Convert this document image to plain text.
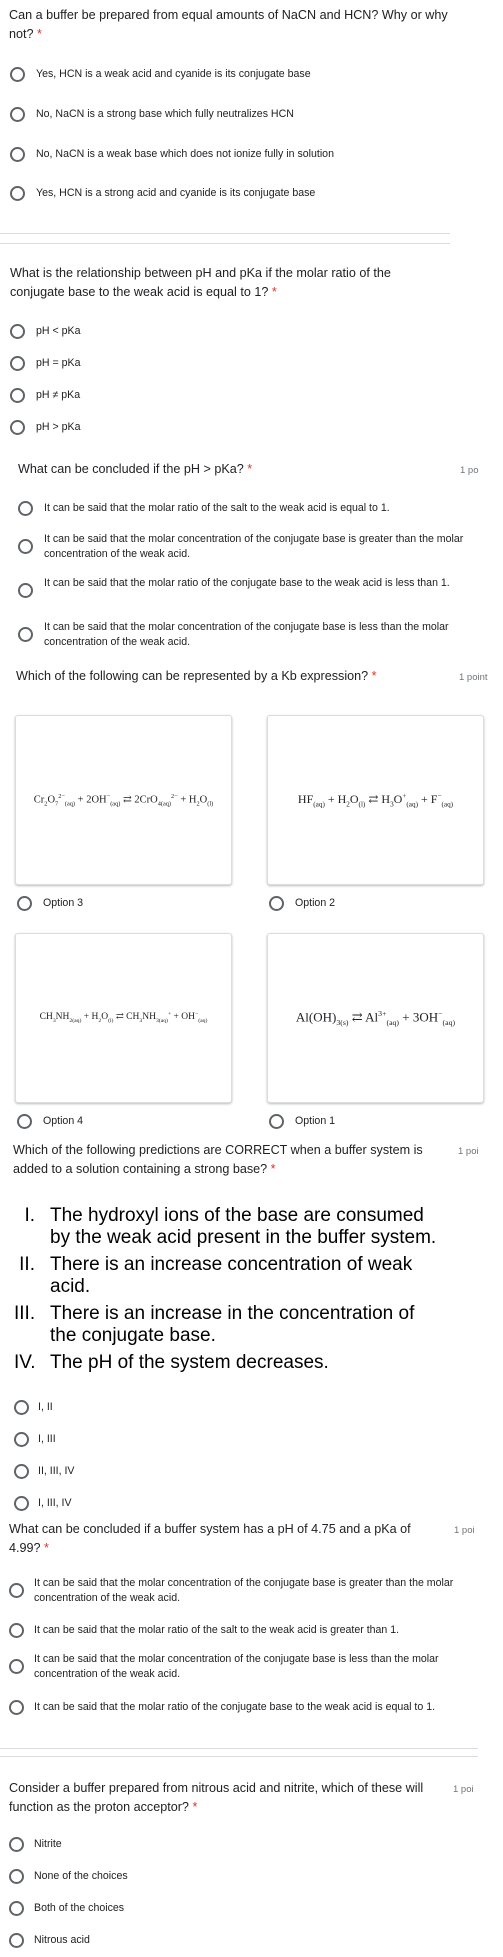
Can a buffer be prepared from equal amounts of NaCN and HCN? Why or why not? *
Yes, HCN is a weak acid and cyanide is its conjugate base
No, NaCN is a strong base which fully neutralizes HCN
No, NaCN is a weak base which does not ionize fully in solution
Yes, HCN is a strong acid and cyanide is its conjugate base
What is the relationship between pH and pKa if the molar ratio of the conjugate base to the weak acid is equal to 1? *
pH < pKa
pH = pKa
pH ≠ pKa
pH > pKa
What can be concluded if the pH > pKa? *	1 po
It can be said that the molar ratio of the salt to the weak acid is equal to 1.
It can be said that the molar concentration of the conjugate base is greater than the molar concentration of the weak acid.
It can be said that the molar ratio of the conjugate base to the weak acid is less than 1.
It can be said that the molar concentration of the conjugate base is less than the molar concentration of the weak acid.
Which of the following can be represented by a Kb expression? *	1 point
$Cr_2O_7^{2-}_{(aq)} + 2OH^-_{(aq)}$ ⇄ $2CrO_{4(aq)}^{2-} + H_2O_{(l)}$	$HF_{(aq)} + H_2O_{(l)}$ ⇄ $H_3O^+_{(aq)} + F^-_{(aq)}$
Option 3	Option 2
$CH_3NH_{2(aq)} + H_2O_{(l)}$ ⇄ $CH_3NH_{3(aq)}^+ + OH^-_{(aq)}$	$Al(OH)_{3(s)}$ ⇄ $Al^{3+}_{(aq)} + 3OH^-_{(aq)}$
Option 4	Option 1
Which of the following predictions are CORRECT when a buffer system is added to a solution containing a strong base? *
1 poi
I. The hydroxyl ions of the base are consumed
by the weak acid present in the buffer system.
II. There is an increase concentration of weak
acid.
III. There is an increase in the concentration of
the conjugate base.
IV. The pH of the system decreases.
I, II
I, III
II, III, IV
I, III, IV
What can be concluded if a buffer system has a pH of 4.75 and a pKa of 4.99? *
1 poi
It can be said that the molar concentration of the conjugate base is greater than the molar concentration of the weak acid.
It can be said that the molar ratio of the salt to the weak acid is greater than 1.
It can be said that the molar concentration of the conjugate base is less than the molar concentration of the weak acid.
It can be said that the molar ratio of the conjugate base to the weak acid is equal to 1.
Consider a buffer prepared from nitrous acid and nitrite, which of these will function as the proton acceptor? *
1 poi
Nitrite
None of the choices
Both of the choices
Nitrous acid
